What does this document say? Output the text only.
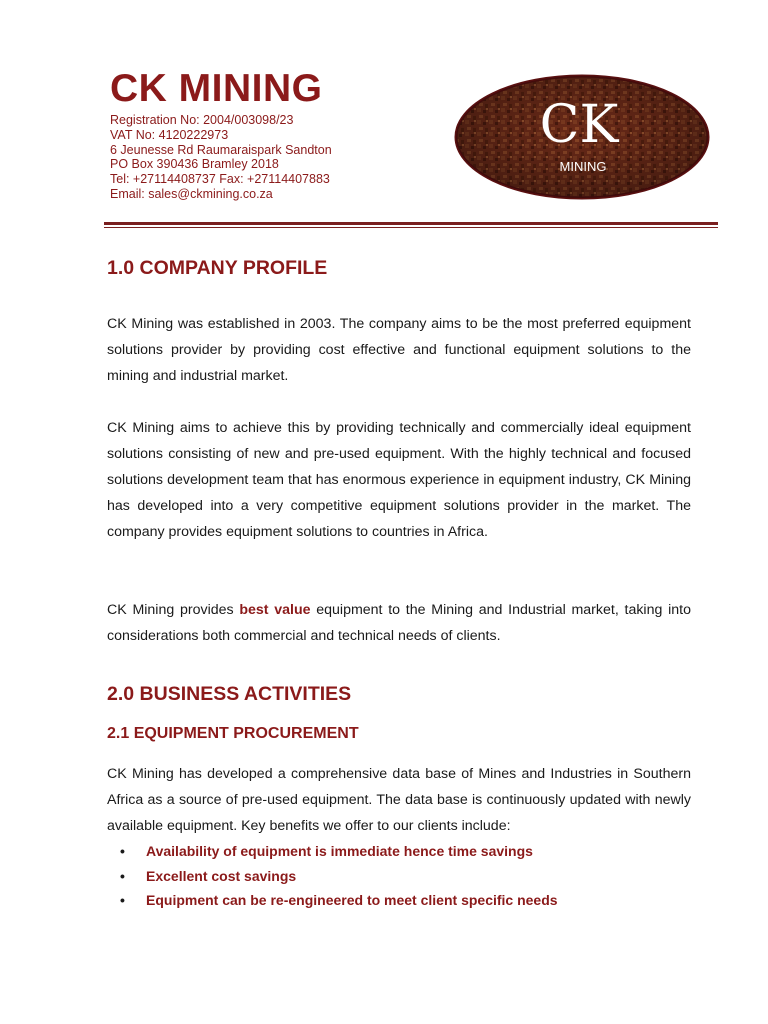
CK MINING
Registration No: 2004/003098/23
VAT No: 4120222973
6 Jeunesse Rd Raumaraispark Sandton
PO Box 390436 Bramley 2018
Tel: +27114408737 Fax: +27114407883
Email: sales@ckmining.co.za
CK
MINING
1.0 COMPANY PROFILE

CK Mining was established in 2003. The company aims to be the most preferred equipment solutions provider by providing cost effective and functional equipment solutions to the mining and industrial market.

CK Mining aims to achieve this by providing technically and commercially ideal equipment solutions consisting of new and pre-used equipment. With the highly technical and focused solutions development team that has enormous experience in equipment industry, CK Mining has developed into a very competitive equipment solutions provider in the market. The company provides equipment solutions to countries in Africa.

CK Mining provides best value equipment to the Mining and Industrial market, taking into considerations both commercial and technical needs of clients.

2.0 BUSINESS ACTIVITIES
2.1 EQUIPMENT PROCUREMENT

CK Mining has developed a comprehensive data base of Mines and Industries in Southern Africa as a source of pre-used equipment. The data base is continuously updated with newly available equipment. Key benefits we offer to our clients include:

• Availability of equipment is immediate hence time savings
• Excellent cost savings
• Equipment can be re-engineered to meet client specific needs
